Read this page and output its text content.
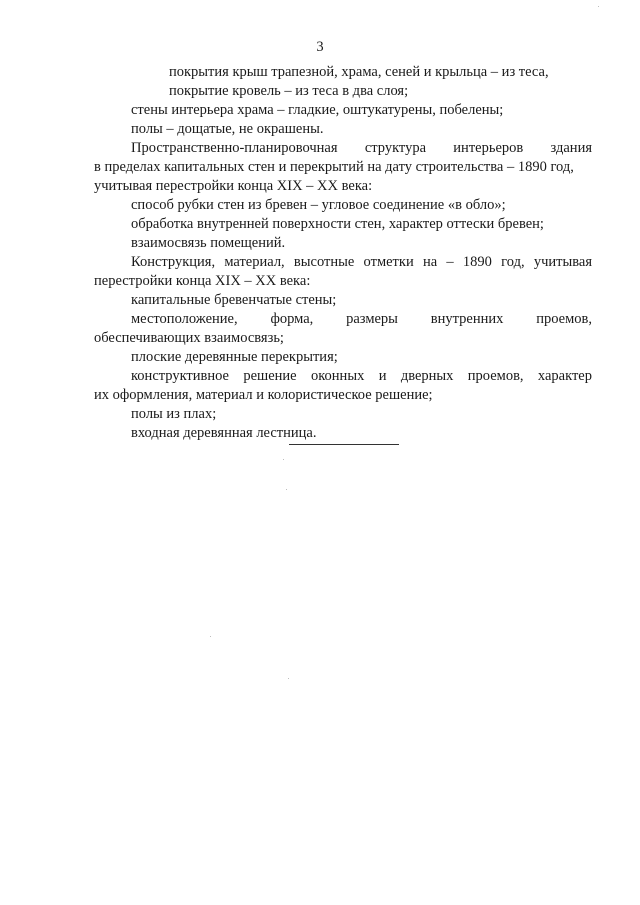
3
покрытия крыш трапезной, храма, сеней и крыльца – из теса,
покрытие кровель – из теса в два слоя;
стены интерьера храма – гладкие, оштукатурены, побелены;
полы – дощатые, не окрашены.
Пространственно-планировочная структура интерьеров здания
в пределах капитальных стен и перекрытий на дату строительства – 1890 год,
учитывая перестройки конца XIX – XX века:
способ рубки стен из бревен – угловое соединение «в обло»;
обработка внутренней поверхности стен, характер оттески бревен;
взаимосвязь помещений.
Конструкция, материал, высотные отметки на – 1890 год, учитывая
перестройки конца XIX – XX века:
капитальные бревенчатые стены;
местоположение, форма, размеры внутренних проемов,
обеспечивающих взаимосвязь;
плоские деревянные перекрытия;
конструктивное решение оконных и дверных проемов, характер
их оформления, материал и колористическое решение;
полы из плах;
входная деревянная лестница.
